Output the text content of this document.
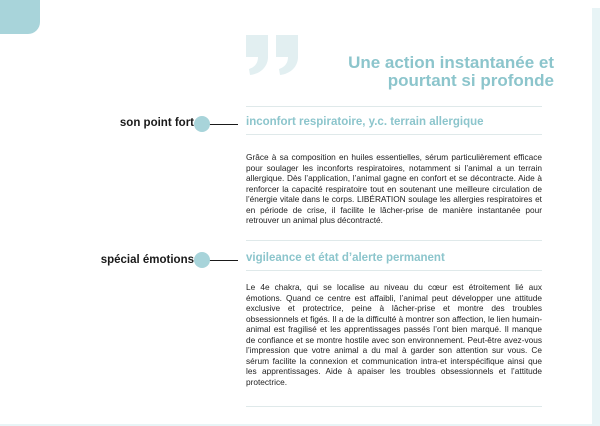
Une action instantanée et
pourtant si profonde
son point fort	inconfort respiratoire, y.c. terrain allergique

Grâce à sa composition en huiles essentielles, sérum particulièrement efficace pour soulager les inconforts respiratoires, notamment si l’animal a un terrain allergique. Dès l’application, l’animal gagne en confort et se décontracte. Aide à renforcer la capacité respiratoire tout en soutenant une meilleure circulation de l’énergie vitale dans le corps. LIBÉRATION soulage les allergies respiratoires et en période de crise, il facilite le lâcher-prise de manière instantanée pour retrouver un animal plus décontracté.

spécial émotions	vigileance et état d’alerte permanent

Le 4e chakra, qui se localise au niveau du cœur est étroitement lié aux émotions. Quand ce centre est affaibli, l’animal peut développer une attitude exclusive et protectrice, peine à lâcher-prise et montre des troubles obsessionnels et figés. Il a de la difficulté à montrer son affection, le lien humain-animal est fragilisé et les apprentissages passés l’ont bien marqué. Il manque de confiance et se montre hostile avec son environnement. Peut-être avez-vous l’impression que votre animal a du mal à garder son attention sur vous. Ce sérum facilite la connexion et communication intra-et interspécifique ainsi que les apprentissages. Aide à apaiser les troubles obsessionnels et l’attitude protectrice.
